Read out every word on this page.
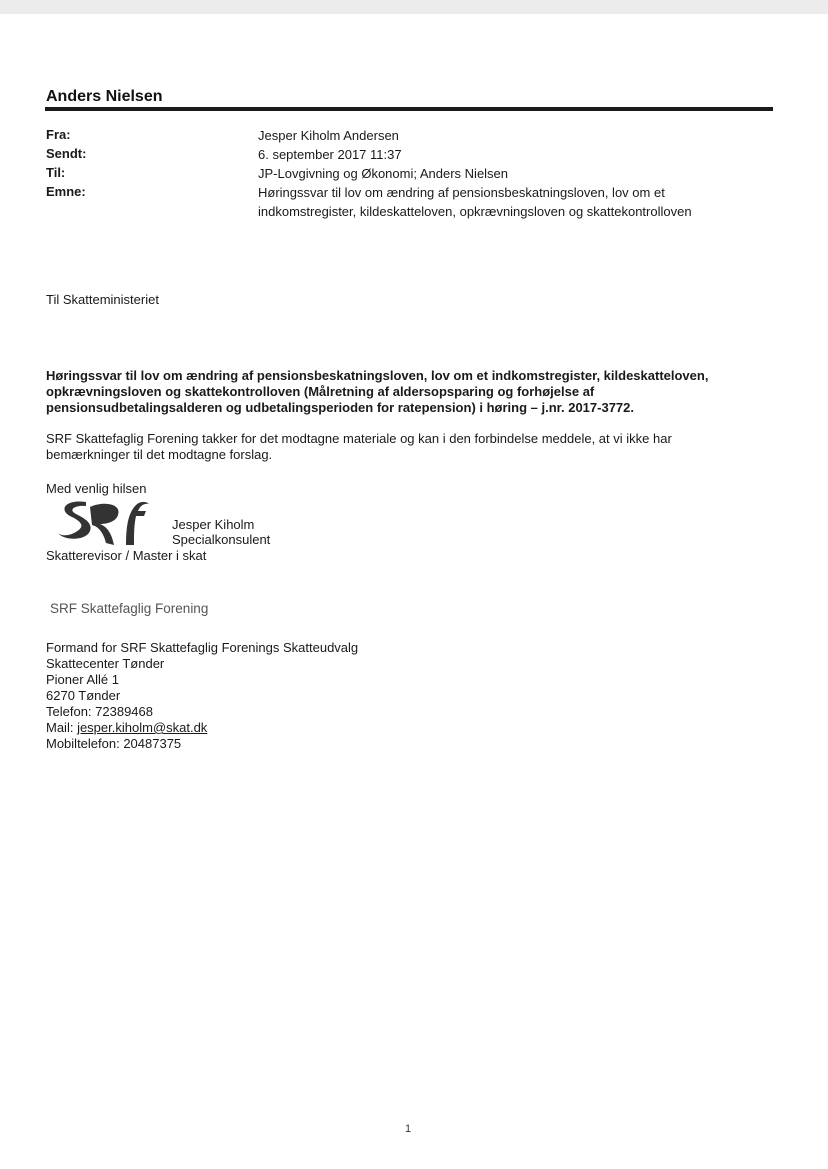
Anders Nielsen
Fra:	Jesper Kiholm Andersen
Sendt:	6. september 2017 11:37
Til:	JP-Lovgivning og Økonomi; Anders Nielsen
Emne:	Høringssvar til lov om ændring af pensionsbeskatningsloven, lov om et
indkomstregister, kildeskatteloven, opkrævningsloven og skattekontrolloven
Til Skatteministeriet
Høringssvar til lov om ændring af pensionsbeskatningsloven, lov om et indkomstregister, kildeskatteloven,
opkrævningsloven og skattekontrolloven (Målretning af aldersopsparing og forhøjelse af
pensionsudbetalingsalderen og udbetalingsperioden for ratepension) i høring – j.nr. 2017-3772.
SRF Skattefaglig Forening takker for det modtagne materiale og kan i den forbindelse meddele, at vi ikke har
bemærkninger til det modtagne forslag.
Med venlig hilsen
Jesper Kiholm
Specialkonsulent
Skatterevisor / Master i skat
SRF Skattefaglig Forening
Formand for SRF Skattefaglig Forenings Skatteudvalg
Skattecenter Tønder
Pioner Allé 1
6270 Tønder
Telefon: 72389468
Mail: jesper.kiholm@skat.dk
Mobiltelefon: 20487375
1
